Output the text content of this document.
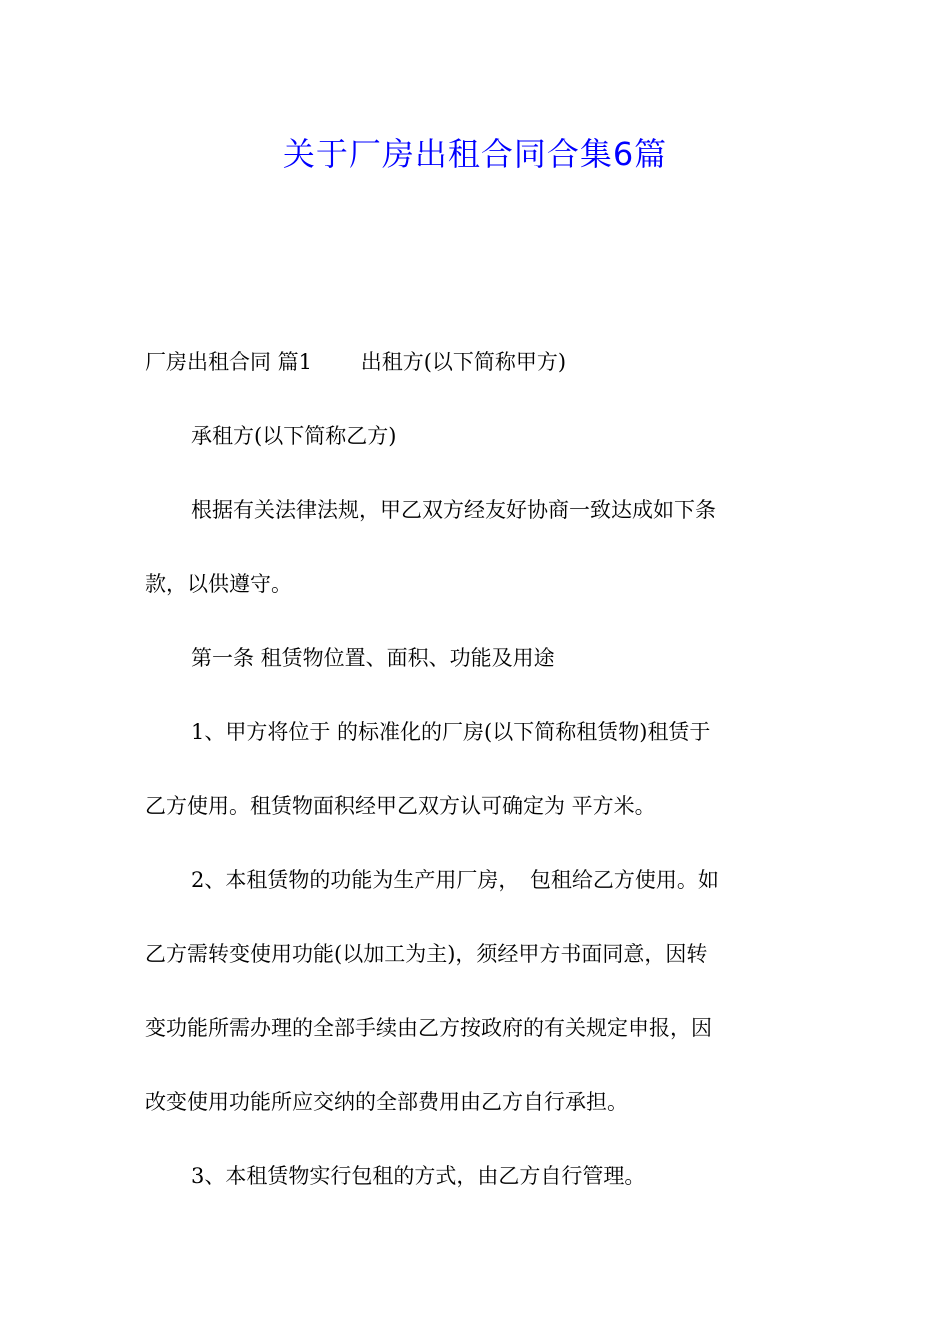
关于厂房出租合同合集6篇

厂房出租合同 篇1　　 出租方(以下简称甲方)

承租方(以下简称乙方)

根据有关法律法规，甲乙双方经友好协商一致达成如下条

款，以供遵守。

第一条 租赁物位置、面积、功能及用途

1、甲方将位于 的标准化的厂房(以下简称租赁物)租赁于

乙方使用。租赁物面积经甲乙双方认可确定为 平方米。

2、本租赁物的功能为生产用厂房，　包租给乙方使用。如

乙方需转变使用功能(以加工为主)，须经甲方书面同意，因转

变功能所需办理的全部手续由乙方按政府的有关规定申报，因

改变使用功能所应交纳的全部费用由乙方自行承担。

3、本租赁物实行包租的方式，由乙方自行管理。
